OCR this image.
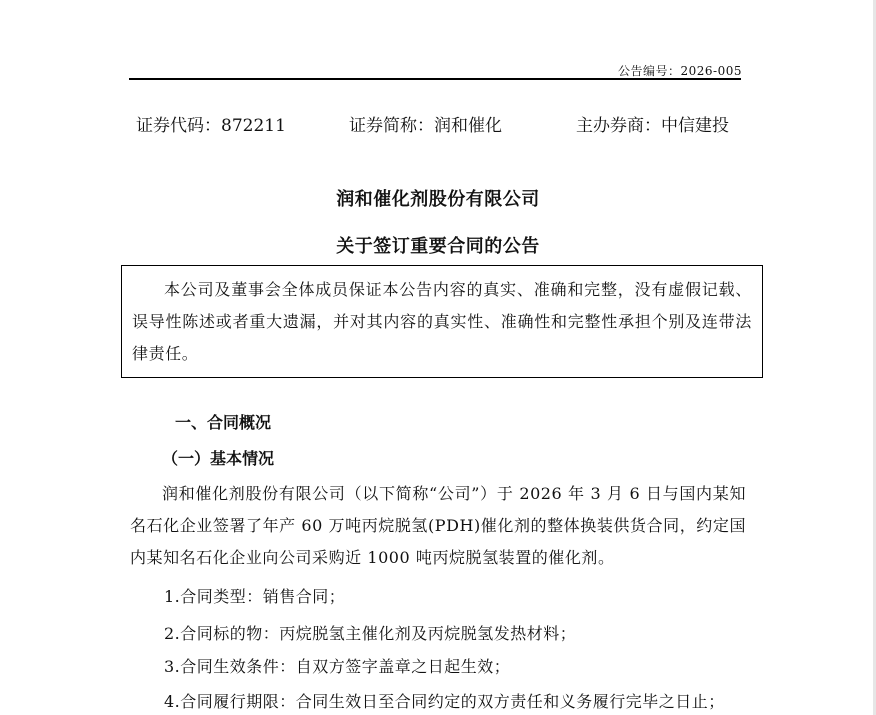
公告编号：2026-005
证券代码：872211	证券简称：润和催化	主办券商：中信建投
润和催化剂股份有限公司
关于签订重要合同的公告
本公司及董事会全体成员保证本公告内容的真实、准确和完整，没有虚假记载、误导性陈述或者重大遗漏，并对其内容的真实性、准确性和完整性承担个别及连带法律责任。
一、合同概况
（一）基本情况
润和催化剂股份有限公司（以下简称“公司”）于 2026 年 3 月 6 日与国内某知名石化企业签署了年产 60 万吨丙烷脱氢(PDH)催化剂的整体换装供货合同，约定国内某知名石化企业向公司采购近 1000 吨丙烷脱氢装置的催化剂。
1.合同类型：销售合同；
2.合同标的物：丙烷脱氢主催化剂及丙烷脱氢发热材料；
3.合同生效条件：自双方签字盖章之日起生效；
4.合同履行期限：合同生效日至合同约定的双方责任和义务履行完毕之日止；
